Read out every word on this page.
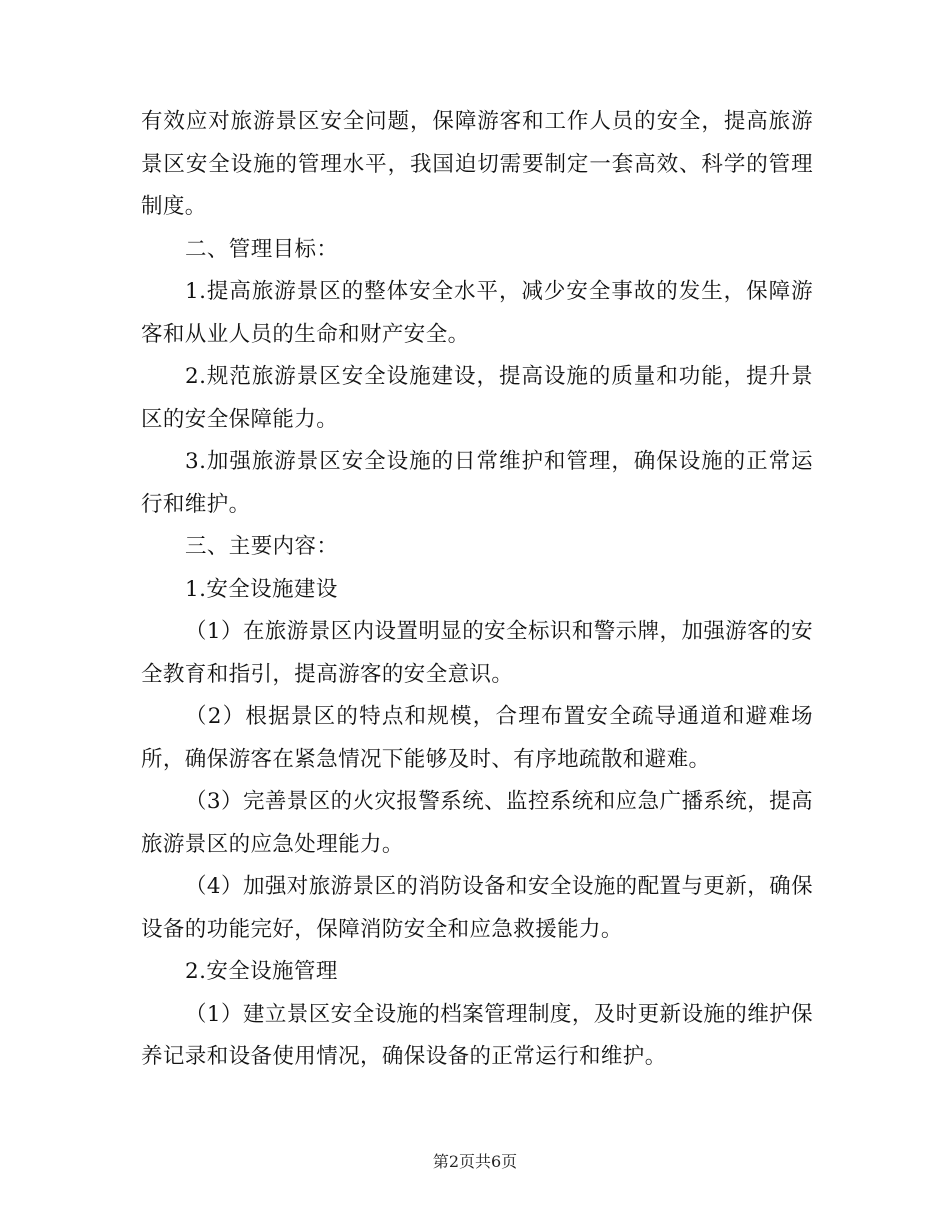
有效应对旅游景区安全问题，保障游客和工作人员的安全，提高旅游景区安全设施的管理水平，我国迫切需要制定一套高效、科学的管理制度。

二、管理目标：

1.提高旅游景区的整体安全水平，减少安全事故的发生，保障游客和从业人员的生命和财产安全。

2.规范旅游景区安全设施建设，提高设施的质量和功能，提升景区的安全保障能力。

3.加强旅游景区安全设施的日常维护和管理，确保设施的正常运行和维护。

三、主要内容：

1.安全设施建设

（1）在旅游景区内设置明显的安全标识和警示牌，加强游客的安全教育和指引，提高游客的安全意识。

（2）根据景区的特点和规模，合理布置安全疏导通道和避难场所，确保游客在紧急情况下能够及时、有序地疏散和避难。

（3）完善景区的火灾报警系统、监控系统和应急广播系统，提高旅游景区的应急处理能力。

（4）加强对旅游景区的消防设备和安全设施的配置与更新，确保设备的功能完好，保障消防安全和应急救援能力。

2.安全设施管理

（1）建立景区安全设施的档案管理制度，及时更新设施的维护保养记录和设备使用情况，确保设备的正常运行和维护。

第2页共6页
